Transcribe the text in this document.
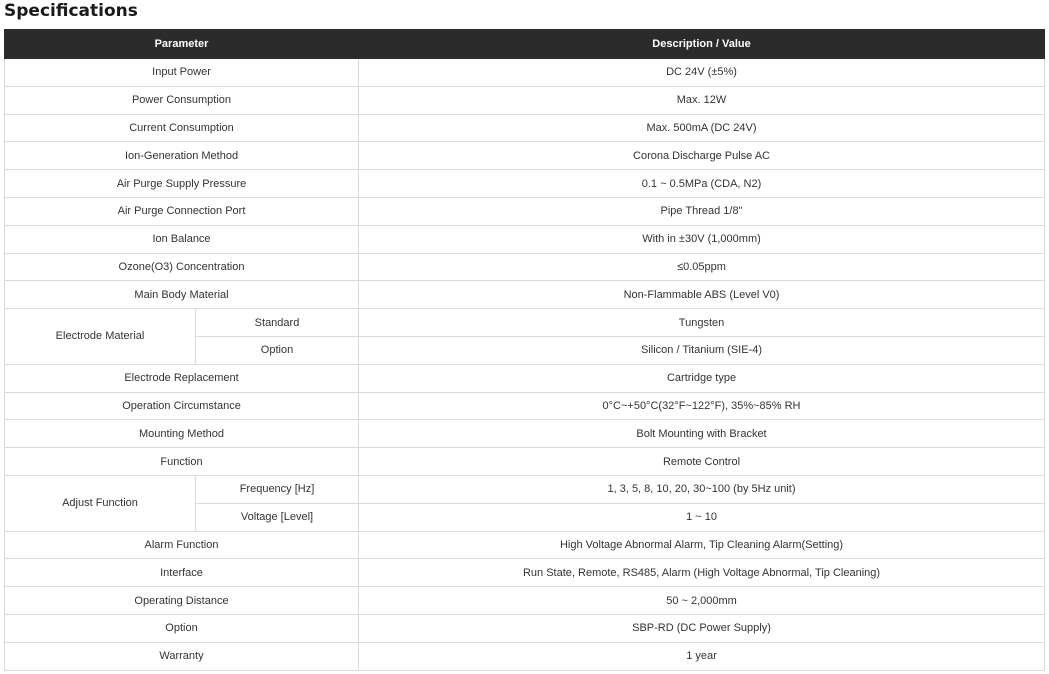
Specifications
Parameter		Description / Value
Input Power		DC 24V (±5%)
Power Consumption		Max. 12W
Current Consumption		Max. 500mA (DC 24V)
Ion-Generation Method		Corona Discharge Pulse AC
Air Purge Supply Pressure		0.1 ~ 0.5MPa (CDA, N2)
Air Purge Connection Port		Pipe Thread 1/8"
Ion Balance		With in ±30V (1,000mm)
Ozone(O3) Concentration		≤0.05ppm
Main Body Material		Non-Flammable ABS (Level V0)
Electrode Material	Standard	Tungsten
	Option	Silicon / Titanium (SIE-4)
Electrode Replacement		Cartridge type
Operation Circumstance		0°C~+50°C(32°F~122°F), 35%~85% RH
Mounting Method		Bolt Mounting with Bracket
Function		Remote Control
Adjust Function	Frequency [Hz]	1, 3, 5, 8, 10, 20, 30~100 (by 5Hz unit)
	Voltage [Level]	1 ~ 10
Alarm Function		High Voltage Abnormal Alarm, Tip Cleaning Alarm(Setting)
Interface		Run State, Remote, RS485, Alarm (High Voltage Abnormal, Tip Cleaning)
Operating Distance		50 ~ 2,000mm
Option		SBP-RD (DC Power Supply)
Warranty		1 year
